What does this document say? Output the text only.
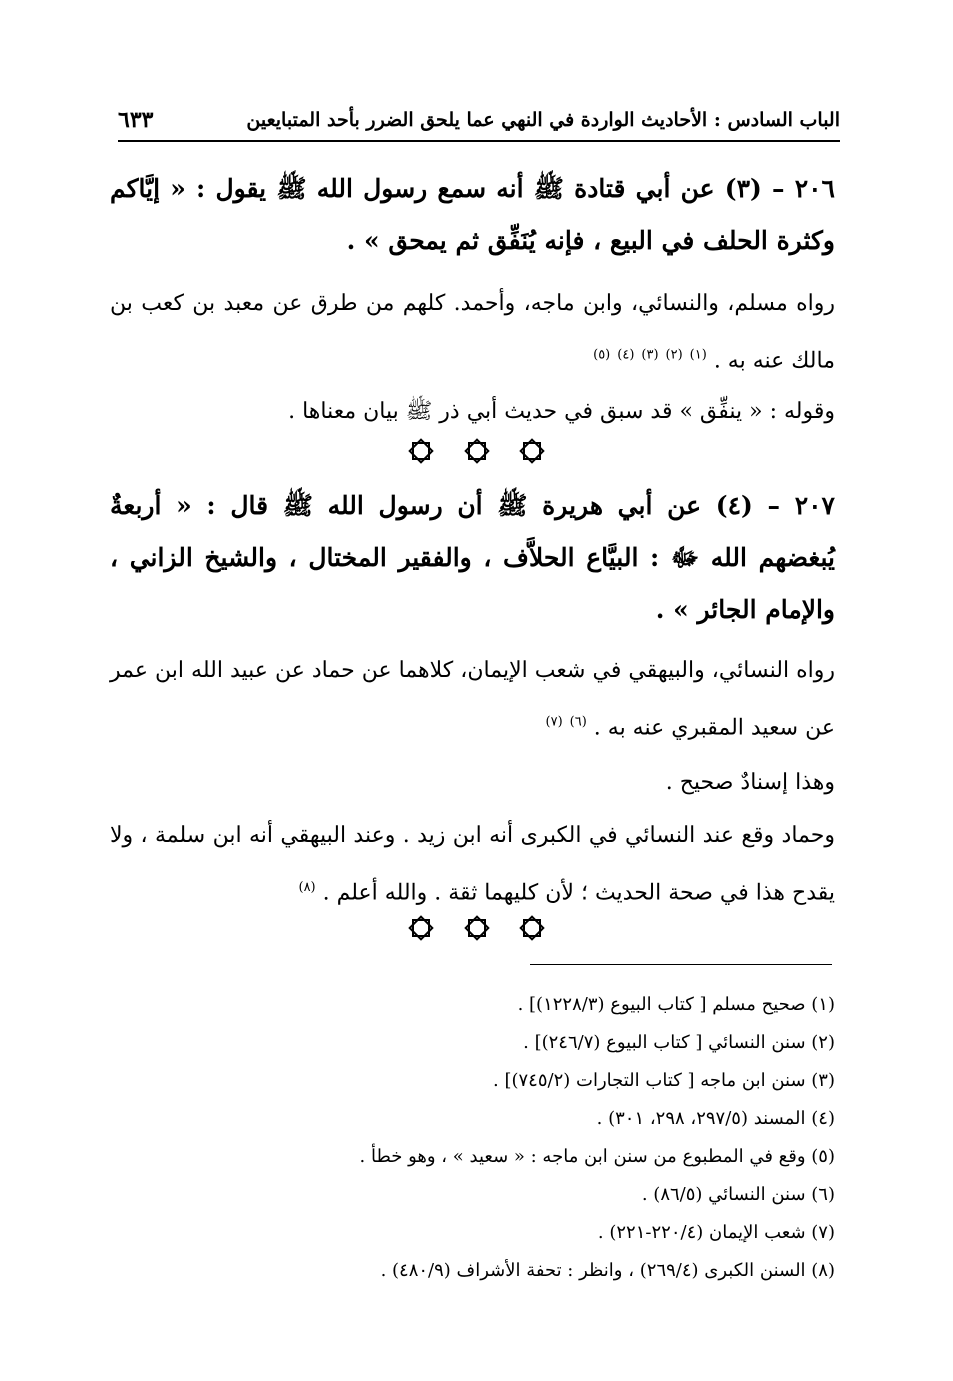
الباب السادس : الأحاديث الواردة في النهي عما يلحق الضرر بأحد المتبايعين
٦٣٣
٢٠٦ – (٣) عن أبي قتادة ﷺ أنه سمع رسول الله ﷺ يقول : « إيَّاكم وكثرة الحلف في البيع ، فإنه يُنَفِّق ثم يمحق » .
رواه مسلم، والنسائي، وابن ماجه، وأحمد. كلهم من طرق عن معبد بن كعب بن مالك عنه به . $^{(١)}$ $^{(٢)}$ $^{(٣)}$ $^{(٤)}$ $^{(٥)}$
وقوله : « ينفِّق » قد سبق في حديث أبي ذر ﷺ بيان معناها .

٢٠٧ – (٤) عن أبي هريرة ﷺ أن رسول الله ﷺ قال : « أربعةٌ يُبغضهم الله ﷻ : البيَّاع الحلاَّف ، والفقير المختال ، والشيخ الزاني ، والإمام الجائر » .
رواه النسائي، والبيهقي في شعب الإيمان، كلاهما عن حماد عن عبيد الله ابن عمر عن سعيد المقبري عنه به . $^{(٦)}$ $^{(٧)}$
وهذا إسنادٌ صحيح .
وحماد وقع عند النسائي في الكبرى أنه ابن زيد . وعند البيهقي أنه ابن سلمة ، ولا يقدح هذا في صحة الحديث ؛ لأن كليهما ثقة . والله أعلم . $^{(٨)}$

(١) صحيح مسلم [ كتاب البيوع (١٢٢٨/٣)] .
(٢) سنن النسائي [ كتاب البيوع (٢٤٦/٧)] .
(٣) سنن ابن ماجه [ كتاب التجارات (٧٤٥/٢)] .
(٤) المسند (٢٩٧/٥، ٢٩٨، ٣٠١) .
(٥) وقع في المطبوع من سنن ابن ماجه : « سعيد » ، وهو خطأ .
(٦) سنن النسائي (٨٦/٥) .
(٧) شعب الإيمان (٢٢٠/٤-٢٢١) .
(٨) السنن الكبرى (٢٦٩/٤) ، وانظر : تحفة الأشراف (٤٨٠/٩) .
